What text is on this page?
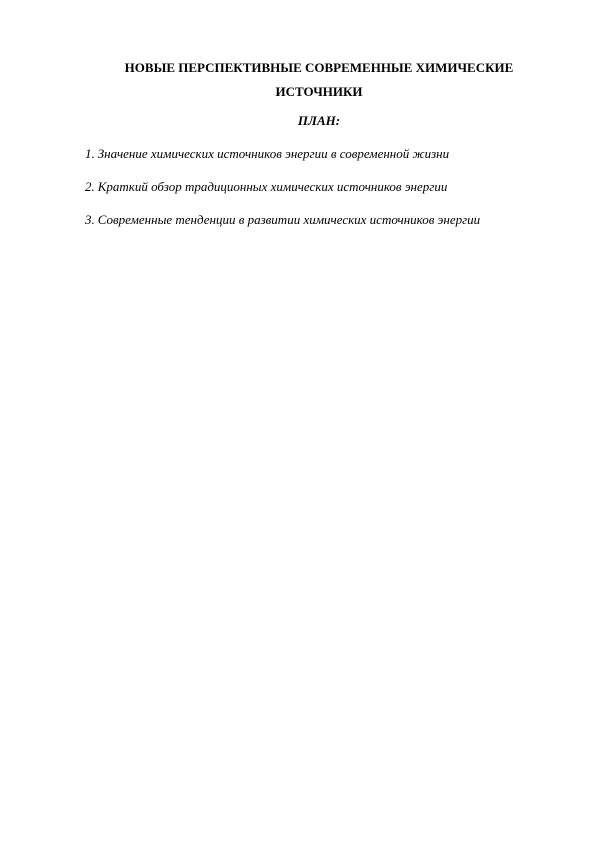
НОВЫЕ ПЕРСПЕКТИВНЫЕ СОВРЕМЕННЫЕ ХИМИЧЕСКИЕ ИСТОЧНИКИ
ПЛАН:
1. Значение химических источников энергии в современной жизни
2. Краткий обзор традиционных химических источников энергии
3. Современные тенденции в развитии химических источников энергии
